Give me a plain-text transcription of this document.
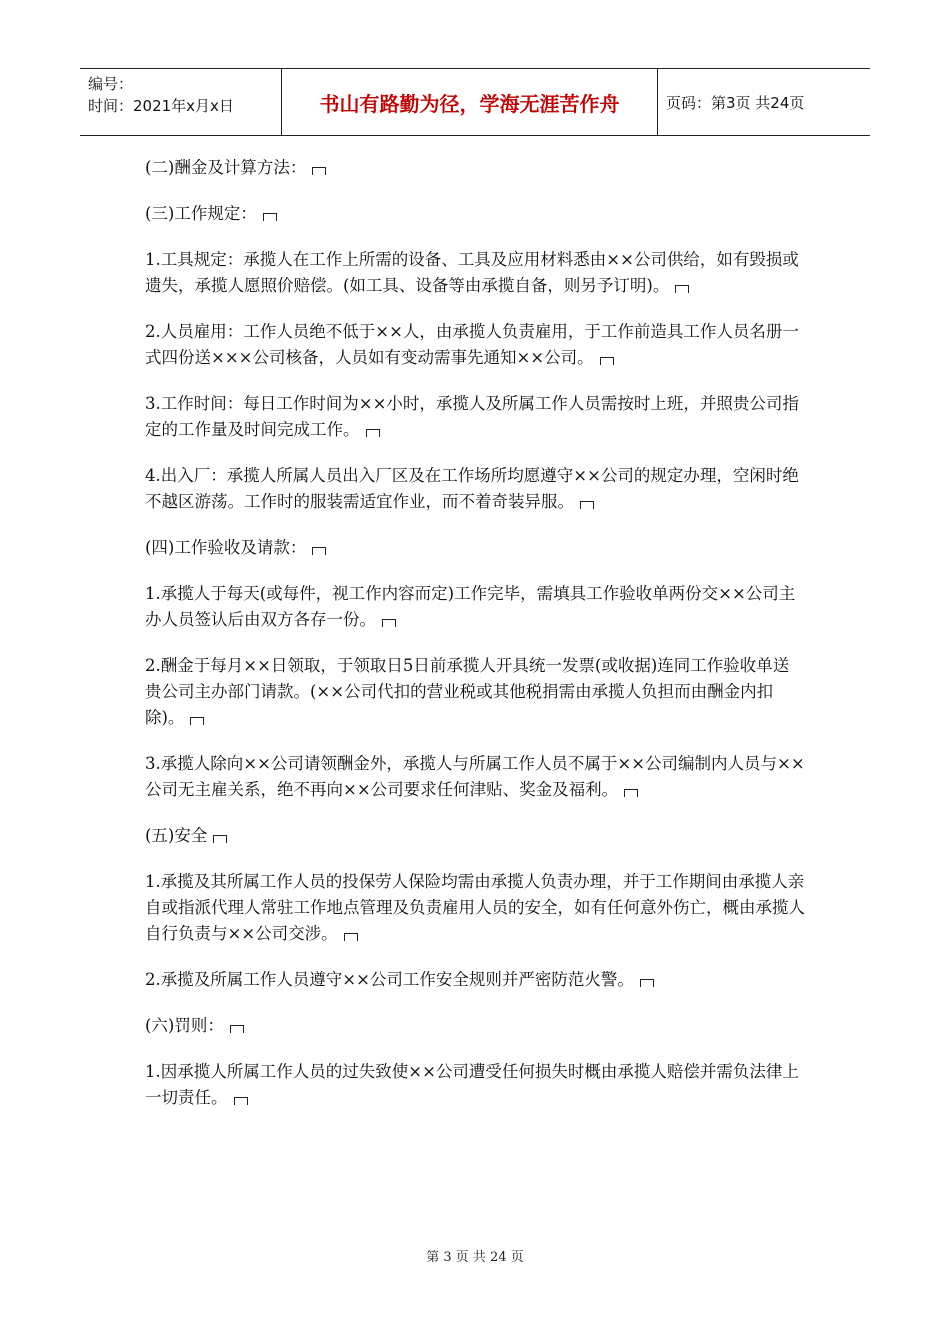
编号：
时间：2021年x月x日	书山有路勤为径，学海无涯苦作舟	页码：第3页 共24页

(二)酬金及计算方法：

(三)工作规定：

1.工具规定：承揽人在工作上所需的设备、工具及应用材料悉由××公司供给，如有毁损或遗失，承揽人愿照价赔偿。(如工具、设备等由承揽自备，则另予订明)。

2.人员雇用：工作人员绝不低于××人，由承揽人负责雇用，于工作前造具工作人员名册一式四份送×××公司核备，人员如有变动需事先通知××公司。

3.工作时间：每日工作时间为××小时，承揽人及所属工作人员需按时上班，并照贵公司指定的工作量及时间完成工作。

4.出入厂：承揽人所属人员出入厂区及在工作场所均愿遵守××公司的规定办理，空闲时绝不越区游荡。工作时的服装需适宜作业，而不着奇装异服。

(四)工作验收及请款：

1.承揽人于每天(或每件，视工作内容而定)工作完毕，需填具工作验收单两份交××公司主办人员签认后由双方各存一份。

2.酬金于每月××日领取，于领取日5日前承揽人开具统一发票(或收据)连同工作验收单送贵公司主办部门请款。(××公司代扣的营业税或其他税捐需由承揽人负担而由酬金内扣除)。

3.承揽人除向××公司请领酬金外，承揽人与所属工作人员不属于××公司编制内人员与××公司无主雇关系，绝不再向××公司要求任何津贴、奖金及福利。

(五)安全

1.承揽及其所属工作人员的投保劳人保险均需由承揽人负责办理，并于工作期间由承揽人亲自或指派代理人常驻工作地点管理及负责雇用人员的安全，如有任何意外伤亡，概由承揽人自行负责与××公司交涉。

2.承揽及所属工作人员遵守××公司工作安全规则并严密防范火警。

(六)罚则：

1.因承揽人所属工作人员的过失致使××公司遭受任何损失时概由承揽人赔偿并需负法律上一切责任。

第 3 页 共 24 页
